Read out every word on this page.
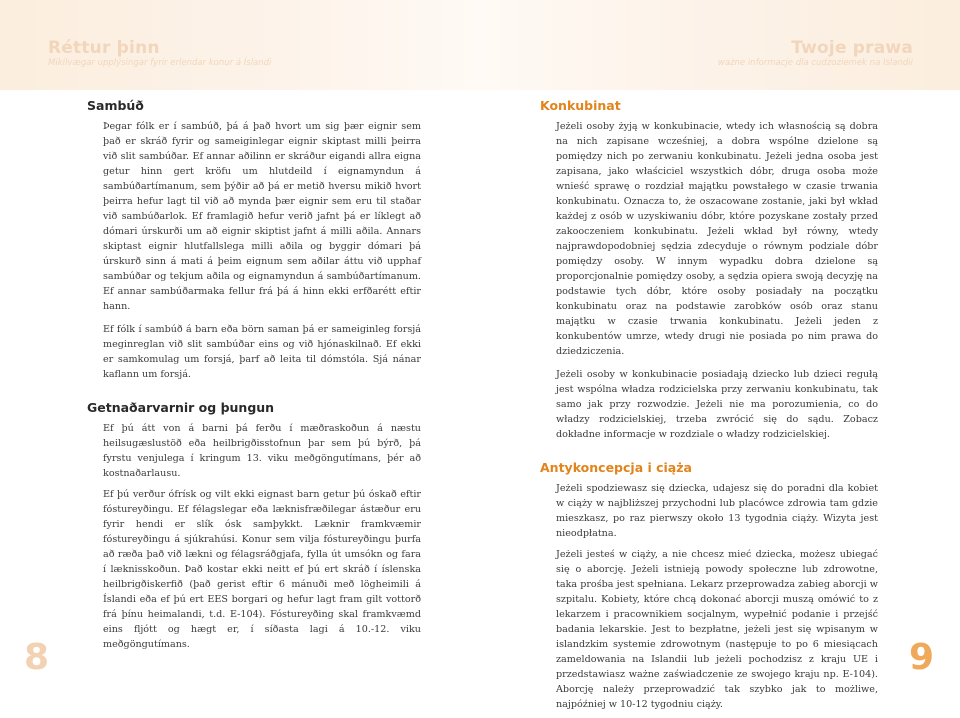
Réttur þinn
Mikilvægar upplýsingar fyrir erlendar konur á Íslandi
Twoje prawa
ważne informacje dla cudzoziemek na Islandii
Sambúð

Þegar fólk er í sambúð, þá á það hvort um sig þær eignir sem það er skráð fyrir og sameiginlegar eignir skiptast milli þeirra við slit sambúðar. Ef annar aðilinn er skráður eigandi allra eigna getur hinn gert kröfu um hlutdeild í eignamyndun á sambúðartímanum, sem þýðir að þá er metið hversu mikið hvort þeirra hefur lagt til við að mynda þær eignir sem eru til staðar við sambúðarlok. Ef framlagið hefur verið jafnt þá er líklegt að dómari úrskurði um að eignir skiptist jafnt á milli aðila. Annars skiptast eignir hlutfallslega milli aðila og byggir dómari þá úrskurð sinn á mati á þeim eignum sem aðilar áttu við upphaf sambúðar og tekjum aðila og eignamyndun á sambúðartímanum. Ef annar sambúðarmaka fellur frá þá á hinn ekki erfðarétt eftir hann.

Ef fólk í sambúð á barn eða börn saman þá er sameiginleg forsjá meginreglan við slit sambúðar eins og við hjónaskilnað. Ef ekki er samkomulag um forsjá, þarf að leita til dómstóla. Sjá nánar kaflann um forsjá.

Getnaðarvarnir og þungun

Ef þú átt von á barni þá ferðu í mæðraskoðun á næstu heilsugæslustöð eða heilbrigðisstofnun þar sem þú býrð, þá fyrstu venjulega í kringum 13. viku meðgöngutímans, þér að kostnaðarlausu.

Ef þú verður ófrísk og vilt ekki eignast barn getur þú óskað eftir fóstureyðingu. Ef félagslegar eða læknisfræðilegar ástæður eru fyrir hendi er slík ósk samþykkt. Læknir framkvæmir fóstureyðingu á sjúkrahúsi. Konur sem vilja fóstureyðingu þurfa að ræða það við lækni og félagsráðgjafa, fylla út umsókn og fara í læknisskoðun. Það kostar ekki neitt ef þú ert skráð í íslenska heilbrigðiskerfið (það gerist eftir 6 mánuði með lögheimili á Íslandi eða ef þú ert EES borgari og hefur lagt fram gilt vottorð frá þínu heimalandi, t.d. E-104). Fóstureyðing skal framkvæmd eins fljótt og hægt er, í síðasta lagi á 10.-12. viku meðgöngutímans.

Konkubinat

Jeżeli osoby żyją w konkubinacie, wtedy ich własnością są dobra na nich zapisane wcześniej, a dobra wspólne dzielone są pomiędzy nich po zerwaniu konkubinatu. Jeżeli jedna osoba jest zapisana, jako właściciel wszystkich dóbr, druga osoba może wnieść sprawę o rozdział majątku powstałego w czasie trwania konkubinatu. Oznacza to, że oszacowane zostanie, jaki był wkład każdej z osób w uzyskiwaniu dóbr, które pozyskane zostały przed zakooczeniem konkubinatu. Jeżeli wkład był równy, wtedy najprawdopodobniej sędzia zdecyduje o równym podziale dóbr pomiędzy osoby. W innym wypadku dobra dzielone są proporcjonalnie pomiędzy osoby, a sędzia opiera swoją decyzję na podstawie tych dóbr, które osoby posiadały na początku konkubinatu oraz na podstawie zarobków osób oraz stanu majątku w czasie trwania konkubinatu. Jeżeli jeden z konkubentów umrze, wtedy drugi nie posiada po nim prawa do dziedziczenia.

Jeżeli osoby w konkubinacie posiadają dziecko lub dzieci regułą jest wspólna władza rodzicielska przy zerwaniu konkubinatu, tak samo jak przy rozwodzie. Jeżeli nie ma porozumienia, co do władzy rodzicielskiej, trzeba zwrócić się do sądu. Zobacz dokładne informacje w rozdziale o władzy rodzicielskiej.

Antykoncepcja i ciąża

Jeżeli spodziewasz się dziecka, udajesz się do poradni dla kobiet w ciąży w najbliższej przychodni lub placówce zdrowia tam gdzie mieszkasz, po raz pierwszy około 13 tygodnia ciąży. Wizyta jest nieodpłatna.

Jeżeli jesteś w ciąży, a nie chcesz mieć dziecka, możesz ubiegać się o aborcję. Jeżeli istnieją powody społeczne lub zdrowotne, taka prośba jest spełniana. Lekarz przeprowadza zabieg aborcji w szpitalu. Kobiety, które chcą dokonać aborcji muszą omówić to z lekarzem i pracownikiem socjalnym, wypełnić podanie i przejść badania lekarskie. Jest to bezpłatne, jeżeli jest się wpisanym w islandzkim systemie zdrowotnym (następuje to po 6 miesiącach zameldowania na Islandii lub jeżeli pochodzisz z kraju UE i przedstawiasz ważne zaświadczenie ze swojego kraju np. E-104). Aborcję należy przeprowadzić tak szybko jak to możliwe, najpóźniej w 10-12 tygodniu ciąży.

8	9
